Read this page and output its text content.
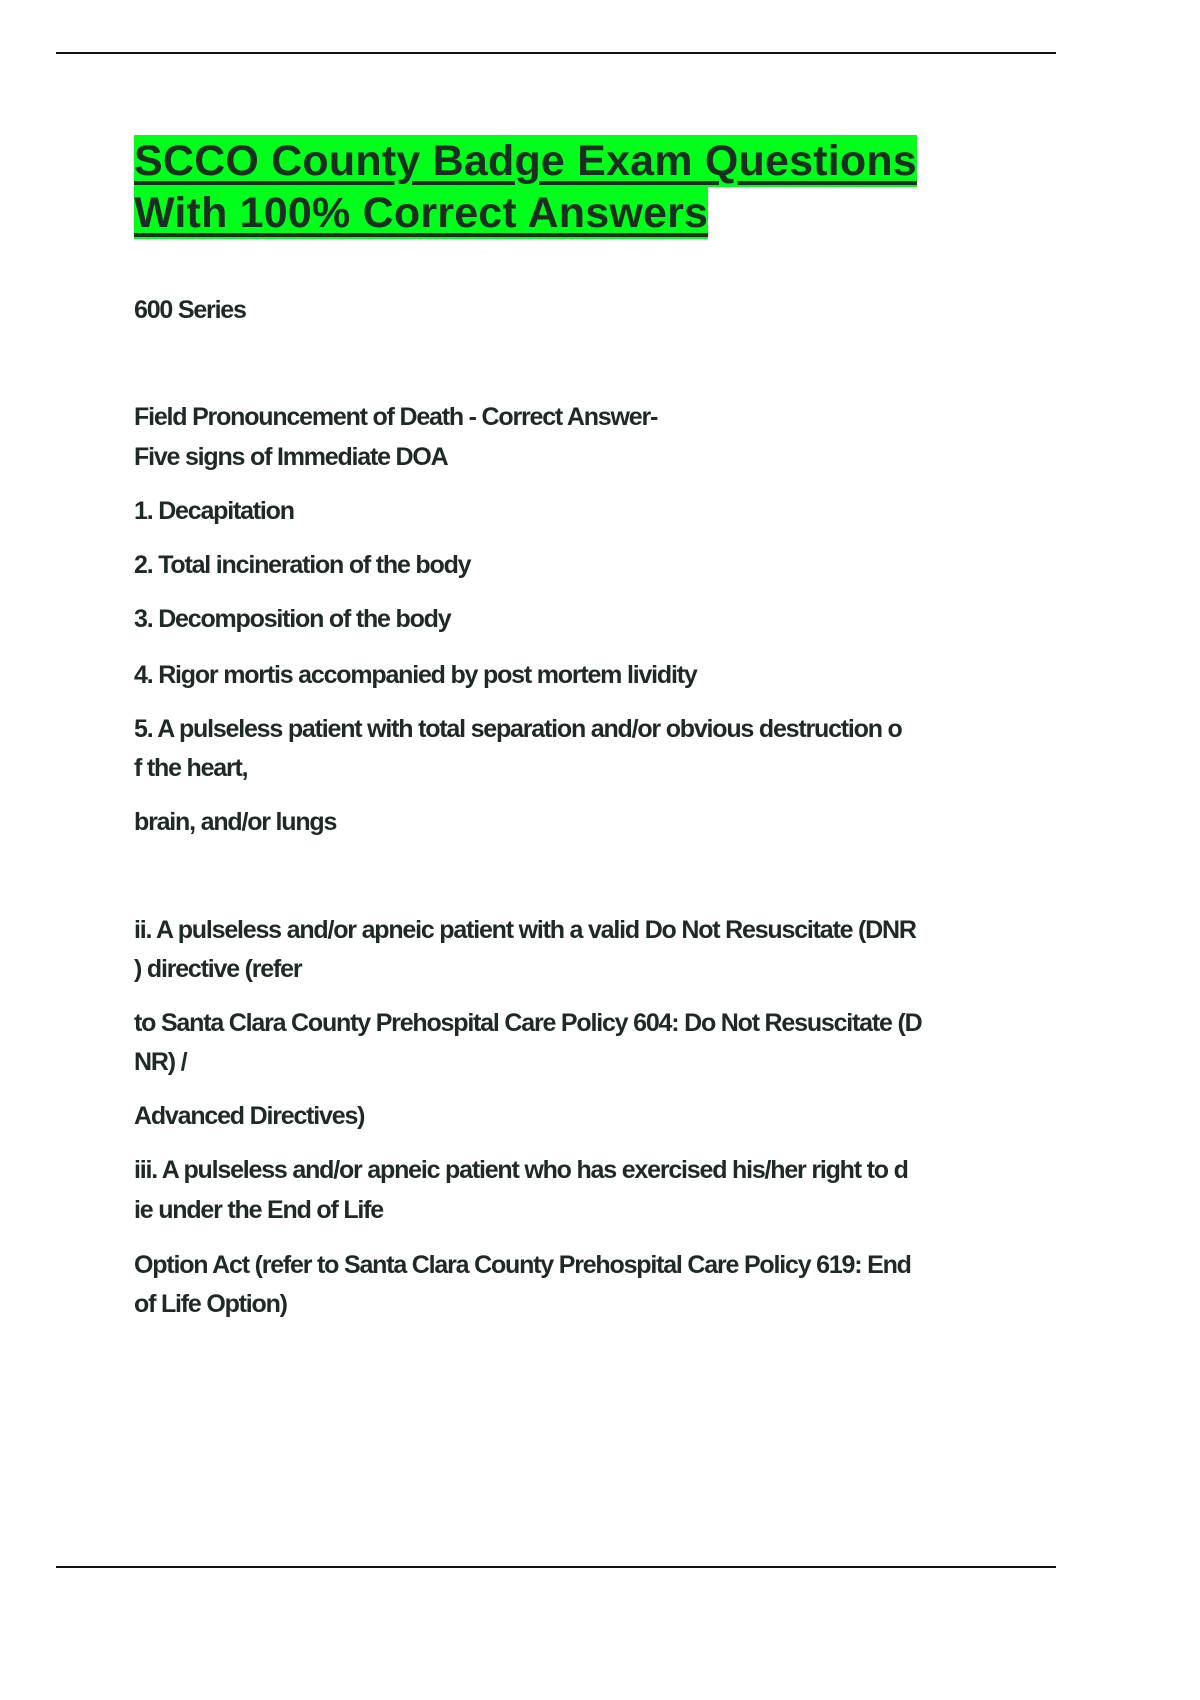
SCCO County Badge Exam Questions
With 100% Correct Answers
600 Series
Field Pronouncement of Death - Correct Answer-
Five signs of Immediate DOA
1. Decapitation
2. Total incineration of the body
3. Decomposition of the body
4. Rigor mortis accompanied by post mortem lividity
5. A pulseless patient with total separation and/or obvious destruction o
f the heart,
brain, and/or lungs
ii. A pulseless and/or apneic patient with a valid Do Not Resuscitate (DNR
) directive (refer
to Santa Clara County Prehospital Care Policy 604: Do Not Resuscitate (D
NR) /
Advanced Directives)
iii. A pulseless and/or apneic patient who has exercised his/her right to d
ie under the End of Life
Option Act (refer to Santa Clara County Prehospital Care Policy 619: End
of Life Option)
